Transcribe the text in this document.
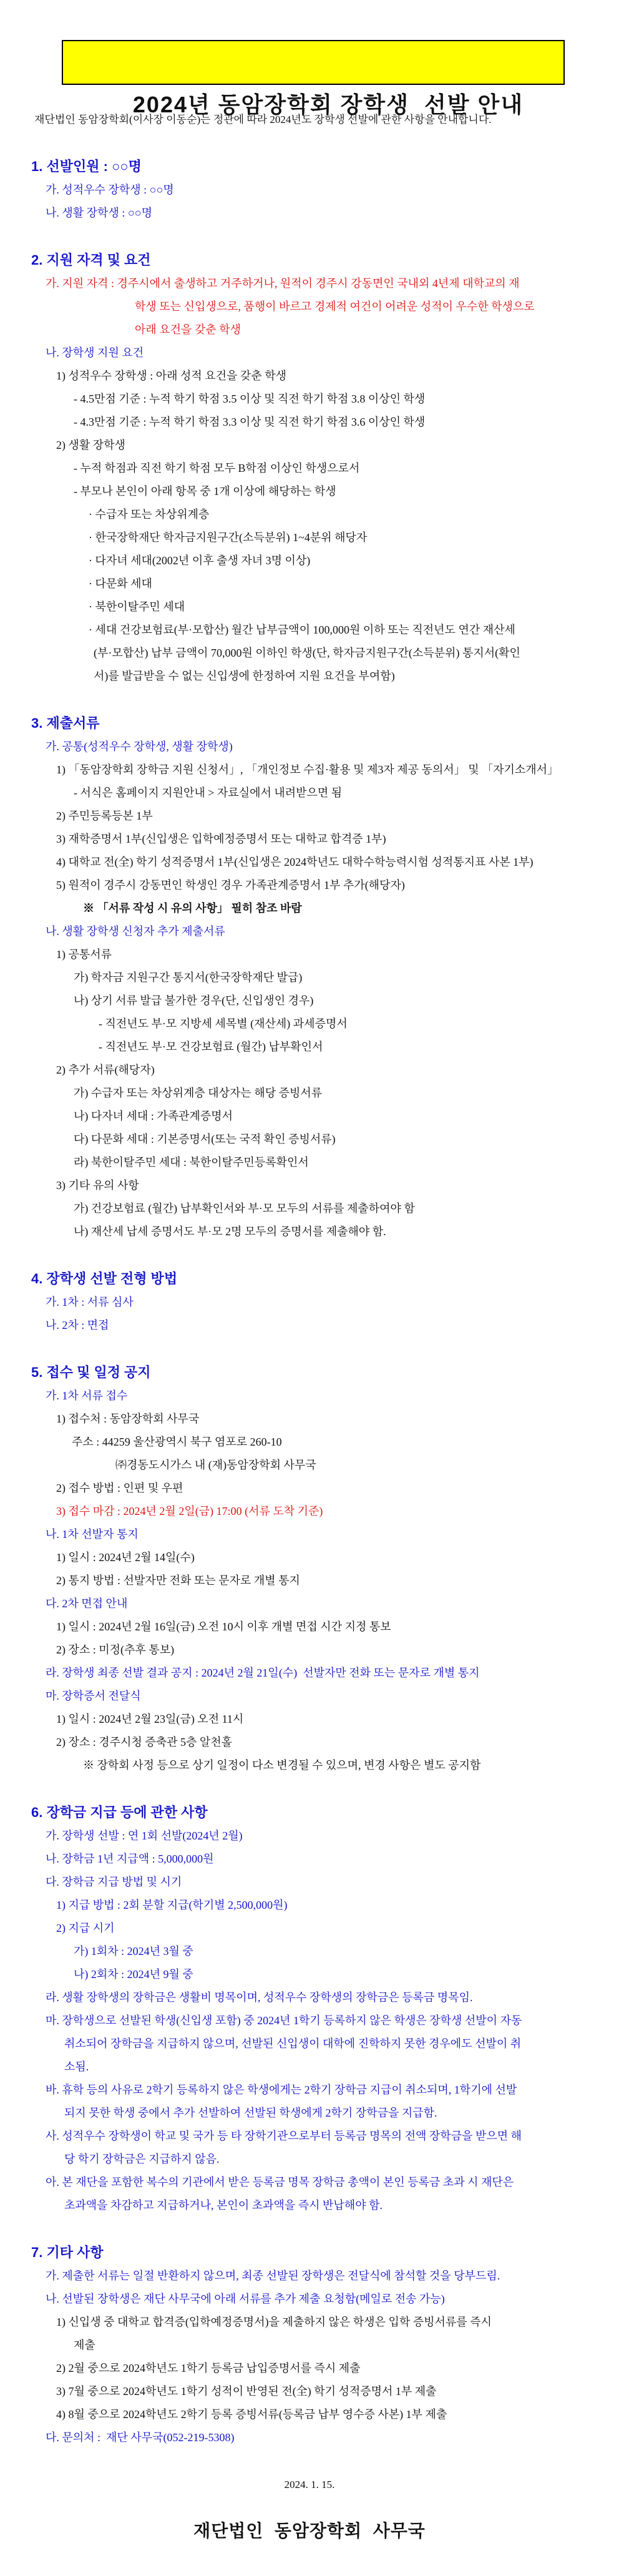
2024년 동암장학회 장학생  선발 안내

재단법인 동암장학회(이사장 이동순)는 정관에 따라 2024년도 장학생 선발에 관한 사항을 안내합니다.

1. 선발인원 : ○○명
가. 성적우수 장학생 : ○○명
나. 생활 장학생 : ○○명
2. 지원 자격 및 요건
가. 지원 자격 : 경주시에서 출생하고 거주하거나, 원적이 경주시 강동면인 국내외 4년제 대학교의 재
학생 또는 신입생으로, 품행이 바르고 경제적 여건이 어려운 성적이 우수한 학생으로
아래 요건을 갖춘 학생
나. 장학생 지원 요건
1) 성적우수 장학생 : 아래 성적 요건을 갖춘 학생
- 4.5만점 기준 : 누적 학기 학점 3.5 이상 및 직전 학기 학점 3.8 이상인 학생
- 4.3만점 기준 : 누적 학기 학점 3.3 이상 및 직전 학기 학점 3.6 이상인 학생
2) 생활 장학생
- 누적 학점과 직전 학기 학점 모두 B학점 이상인 학생으로서
- 부모나 본인이 아래 항목 중 1개 이상에 해당하는 학생
· 수급자 또는 차상위계층
· 한국장학재단 학자금지원구간(소득분위) 1~4분위 해당자
· 다자녀 세대(2002년 이후 출생 자녀 3명 이상)
· 다문화 세대
· 북한이탈주민 세대
· 세대 건강보험료(부·모합산) 월간 납부금액이 100,000원 이하 또는 직전년도 연간 재산세
(부·모합산) 납부 금액이 70,000원 이하인 학생(단, 학자금지원구간(소득분위) 통지서(확인
서)를 발급받을 수 없는 신입생에 한정하여 지원 요건을 부여함)
3. 제출서류
가. 공통(성적우수 장학생, 생활 장학생)
1) 「동암장학회 장학금 지원 신청서」, 「개인정보 수집·활용 및 제3자 제공 동의서」 및 「자기소개서」
- 서식은 홈페이지 지원안내 > 자료실에서 내려받으면 됨
2) 주민등록등본 1부
3) 재학증명서 1부(신입생은 입학예정증명서 또는 대학교 합격증 1부)
4) 대학교 전(全) 학기 성적증명서 1부(신입생은 2024학년도 대학수학능력시험 성적통지표 사본 1부)
5) 원적이 경주시 강동면인 학생인 경우 가족관계증명서 1부 추가(해당자)
※ 「서류 작성 시 유의 사항」 필히 참조 바람
나. 생활 장학생 신청자 추가 제출서류
1) 공통서류
가) 학자금 지원구간 통지서(한국장학재단 발급)
나) 상기 서류 발급 불가한 경우(단, 신입생인 경우)
- 직전년도 부·모 지방세 세목별 (재산세) 과세증명서
- 직전년도 부·모 건강보험료 (월간) 납부확인서
2) 추가 서류(해당자)
가) 수급자 또는 차상위계층 대상자는 해당 증빙서류
나) 다자녀 세대 : 가족관계증명서
다) 다문화 세대 : 기본증명서(또는 국적 확인 증빙서류)
라) 북한이탈주민 세대 : 북한이탈주민등록확인서
3) 기타 유의 사항
가) 건강보험료 (월간) 납부확인서와 부·모 모두의 서류를 제출하여야 함
나) 재산세 납세 증명서도 부·모 2명 모두의 증명서를 제출해야 함.
4. 장학생 선발 전형 방법
가. 1차 : 서류 심사
나. 2차 : 면접
5. 접수 및 일정 공지
가. 1차 서류 접수
1) 접수처 : 동암장학회 사무국
주소 : 44259 울산광역시 북구 염포로 260-10
㈜경동도시가스 내 (재)동암장학회 사무국
2) 접수 방법 : 인편 및 우편
3) 접수 마감 : 2024년 2월 2일(금) 17:00 (서류 도착 기준)
나. 1차 선발자 통지
1) 일시 : 2024년 2월 14일(수)
2) 통지 방법 : 선발자만 전화 또는 문자로 개별 통지
다. 2차 면접 안내
1) 일시 : 2024년 2월 16일(금) 오전 10시 이후 개별 면접 시간 지정 통보
2) 장소 : 미정(추후 통보)
라. 장학생 최종 선발 결과 공지 : 2024년 2월 21일(수)  선발자만 전화 또는 문자로 개별 통지
마. 장학증서 전달식
1) 일시 : 2024년 2월 23일(금) 오전 11시
2) 장소 : 경주시청 증축관 5층 알천홀
※ 장학회 사정 등으로 상기 일정이 다소 변경될 수 있으며, 변경 사항은 별도 공지함
6. 장학금 지급 등에 관한 사항
가. 장학생 선발 : 연 1회 선발(2024년 2월)
나. 장학금 1년 지급액 : 5,000,000원
다. 장학금 지급 방법 및 시기
1) 지급 방법 : 2회 분할 지급(학기별 2,500,000원)
2) 지급 시기
가) 1회차 : 2024년 3월 중
나) 2회차 : 2024년 9월 중
라. 생활 장학생의 장학금은 생활비 명목이며, 성적우수 장학생의 장학금은 등록금 명목임.
마. 장학생으로 선발된 학생(신입생 포함) 중 2024년 1학기 등록하지 않은 학생은 장학생 선발이 자동
취소되어 장학금을 지급하지 않으며, 선발된 신입생이 대학에 진학하지 못한 경우에도 선발이 취
소됨.
바. 휴학 등의 사유로 2학기 등록하지 않은 학생에게는 2학기 장학금 지급이 취소되며, 1학기에 선발
되지 못한 학생 중에서 추가 선발하여 선발된 학생에게 2학기 장학금을 지급함.
사. 성적우수 장학생이 학교 및 국가 등 타 장학기관으로부터 등록금 명목의 전액 장학금을 받으면 해
당 학기 장학금은 지급하지 않음.
아. 본 재단을 포함한 복수의 기관에서 받은 등록금 명목 장학금 총액이 본인 등록금 초과 시 재단은
초과액을 차감하고 지급하거나, 본인이 초과액을 즉시 반납해야 함.
7. 기타 사항
가. 제출한 서류는 일절 반환하지 않으며, 최종 선발된 장학생은 전달식에 참석할 것을 당부드림.
나. 선발된 장학생은 재단 사무국에 아래 서류를 추가 제출 요청함(메일로 전송 가능)
1) 신입생 중 대학교 합격증(입학예정증명서)을 제출하지 않은 학생은 입학 증빙서류를 즉시
제출
2) 2월 중으로 2024학년도 1학기 등록금 납입증명서를 즉시 제출
3) 7월 중으로 2024학년도 1학기 성적이 반영된 전(全) 학기 성적증명서 1부 제출
4) 8월 중으로 2024학년도 2학기 등록 증빙서류(등록금 납부 영수증 사본) 1부 제출
다. 문의처 :  재단 사무국(052-219-5308)
2024. 1. 15.
재단법인  동암장학회  사무국
